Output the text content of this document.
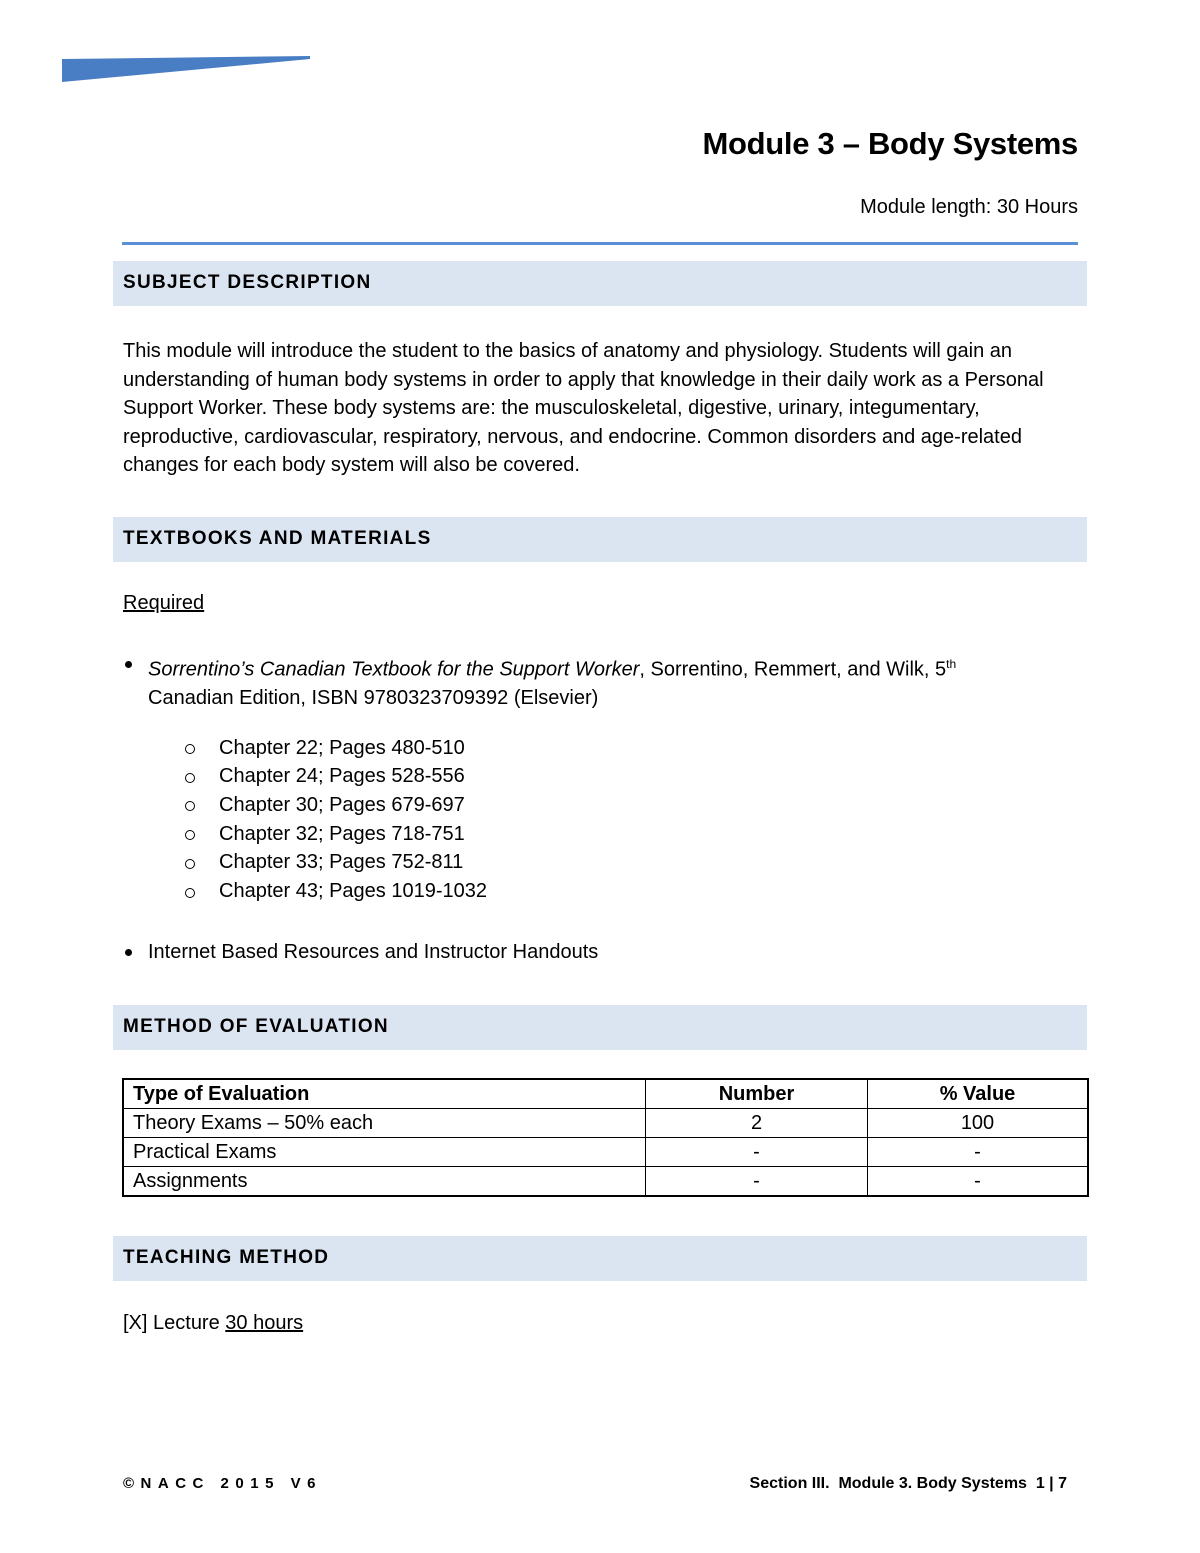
Module 3 – Body Systems
Module length: 30 Hours
SUBJECT DESCRIPTION
This module will introduce the student to the basics of anatomy and physiology. Students will gain an understanding of human body systems in order to apply that knowledge in their daily work as a Personal Support Worker. These body systems are: the musculoskeletal, digestive, urinary, integumentary, reproductive, cardiovascular, respiratory, nervous, and endocrine. Common disorders and age-related changes for each body system will also be covered.
TEXTBOOKS AND MATERIALS
Required
Sorrentino’s Canadian Textbook for the Support Worker, Sorrentino, Remmert, and Wilk, 5th
Canadian Edition, ISBN 9780323709392 (Elsevier)
Chapter 22; Pages 480-510
Chapter 24; Pages 528-556
Chapter 30; Pages 679-697
Chapter 32; Pages 718-751
Chapter 33; Pages 752-811
Chapter 43; Pages 1019-1032
Internet Based Resources and Instructor Handouts
METHOD OF EVALUATION
Type of Evaluation	Number	% Value
Theory Exams – 50% each	2	100
Practical Exams	-	-
Assignments	-	-
TEACHING METHOD
[X] Lecture 30 hours
©NACC 2015 V6	Section III.  Module 3. Body Systems  1 | 7
